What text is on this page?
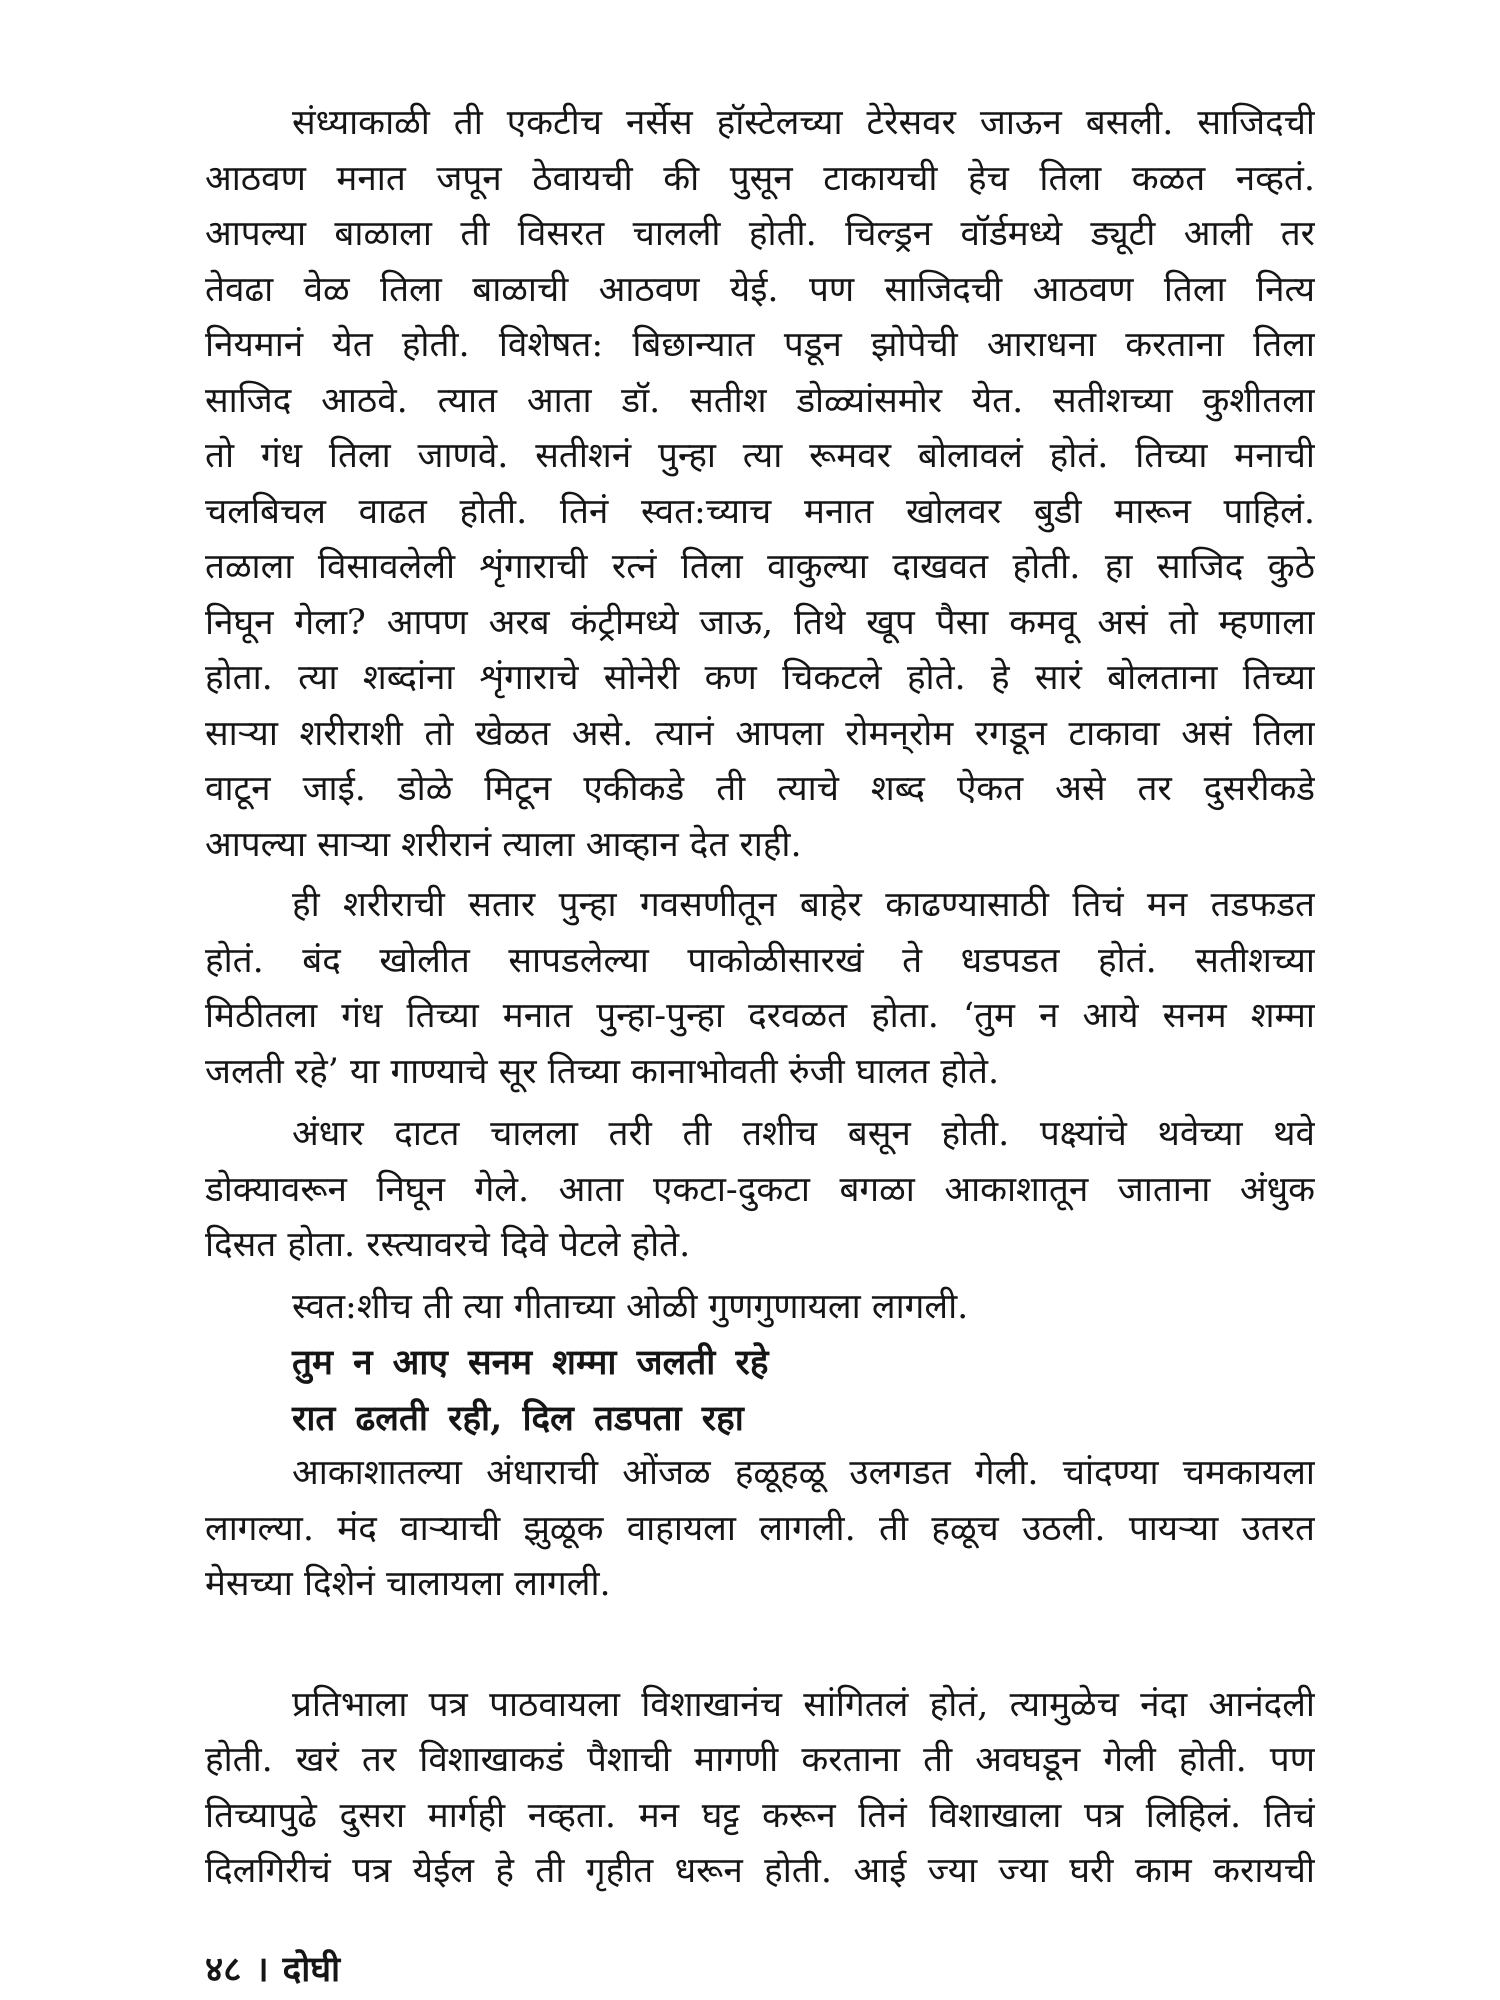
संध्याकाळी ती एकटीच नर्सेस हॉस्टेलच्या टेरेसवर जाऊन बसली. साजिदची
आठवण मनात जपून ठेवायची की पुसून टाकायची हेच तिला कळत नव्हतं.
आपल्या बाळाला ती विसरत चालली होती. चिल्ड्रन वॉर्डमध्ये ड्यूटी आली तर
तेवढा वेळ तिला बाळाची आठवण येई. पण साजिदची आठवण तिला नित्य
नियमानं येत होती. विशेषत: बिछान्यात पडून झोपेची आराधना करताना तिला
साजिद आठवे. त्यात आता डॉ. सतीश डोळ्यांसमोर येत. सतीशच्या कुशीतला
तो गंध तिला जाणवे. सतीशनं पुन्हा त्या रूमवर बोलावलं होतं. तिच्या मनाची
चलबिचल वाढत होती. तिनं स्वत:च्याच मनात खोलवर बुडी मारून पाहिलं.
तळाला विसावलेली शृंगाराची रत्नं तिला वाकुल्या दाखवत होती. हा साजिद कुठे
निघून गेला? आपण अरब कंट्रीमध्ये जाऊ, तिथे खूप पैसा कमवू असं तो म्हणाला
होता. त्या शब्दांना शृंगाराचे सोनेरी कण चिकटले होते. हे सारं बोलताना तिच्या
साऱ्या शरीराशी तो खेळत असे. त्यानं आपला रोमन्‌रोम रगडून टाकावा असं तिला
वाटून जाई. डोळे मिटून एकीकडे ती त्याचे शब्द ऐकत असे तर दुसरीकडे
आपल्या साऱ्या शरीरानं त्याला आव्हान देत राही.
ही शरीराची सतार पुन्हा गवसणीतून बाहेर काढण्यासाठी तिचं मन तडफडत
होतं. बंद खोलीत सापडलेल्या पाकोळीसारखं ते धडपडत होतं. सतीशच्या
मिठीतला गंध तिच्या मनात पुन्हा-पुन्हा दरवळत होता. ‘तुम न आये सनम शम्मा
जलती रहे’ या गाण्याचे सूर तिच्या कानाभोवती रुंजी घालत होते.
अंधार दाटत चालला तरी ती तशीच बसून होती. पक्ष्यांचे थवेच्या थवे
डोक्यावरून निघून गेले. आता एकटा-दुकटा बगळा आकाशातून जाताना अंधुक
दिसत होता. रस्त्यावरचे दिवे पेटले होते.
स्वत:शीच ती त्या गीताच्या ओळी गुणगुणायला लागली.
तुम न आए सनम शम्मा जलती रहे
रात ढलती रही, दिल तडपता रहा
आकाशातल्या अंधाराची ओंजळ हळूहळू उलगडत गेली. चांदण्या चमकायला
लागल्या. मंद वाऱ्याची झुळूक वाहायला लागली. ती हळूच उठली. पायऱ्या उतरत
मेसच्या दिशेनं चालायला लागली.
प्रतिभाला पत्र पाठवायला विशाखानंच सांगितलं होतं, त्यामुळेच नंदा आनंदली
होती. खरं तर विशाखाकडं पैशाची मागणी करताना ती अवघडून गेली होती. पण
तिच्यापुढे दुसरा मार्गही नव्हता. मन घट्ट करून तिनं विशाखाला पत्र लिहिलं. तिचं
दिलगिरीचं पत्र येईल हे ती गृहीत धरून होती. आई ज्या ज्या घरी काम करायची
४८ । दोघी
